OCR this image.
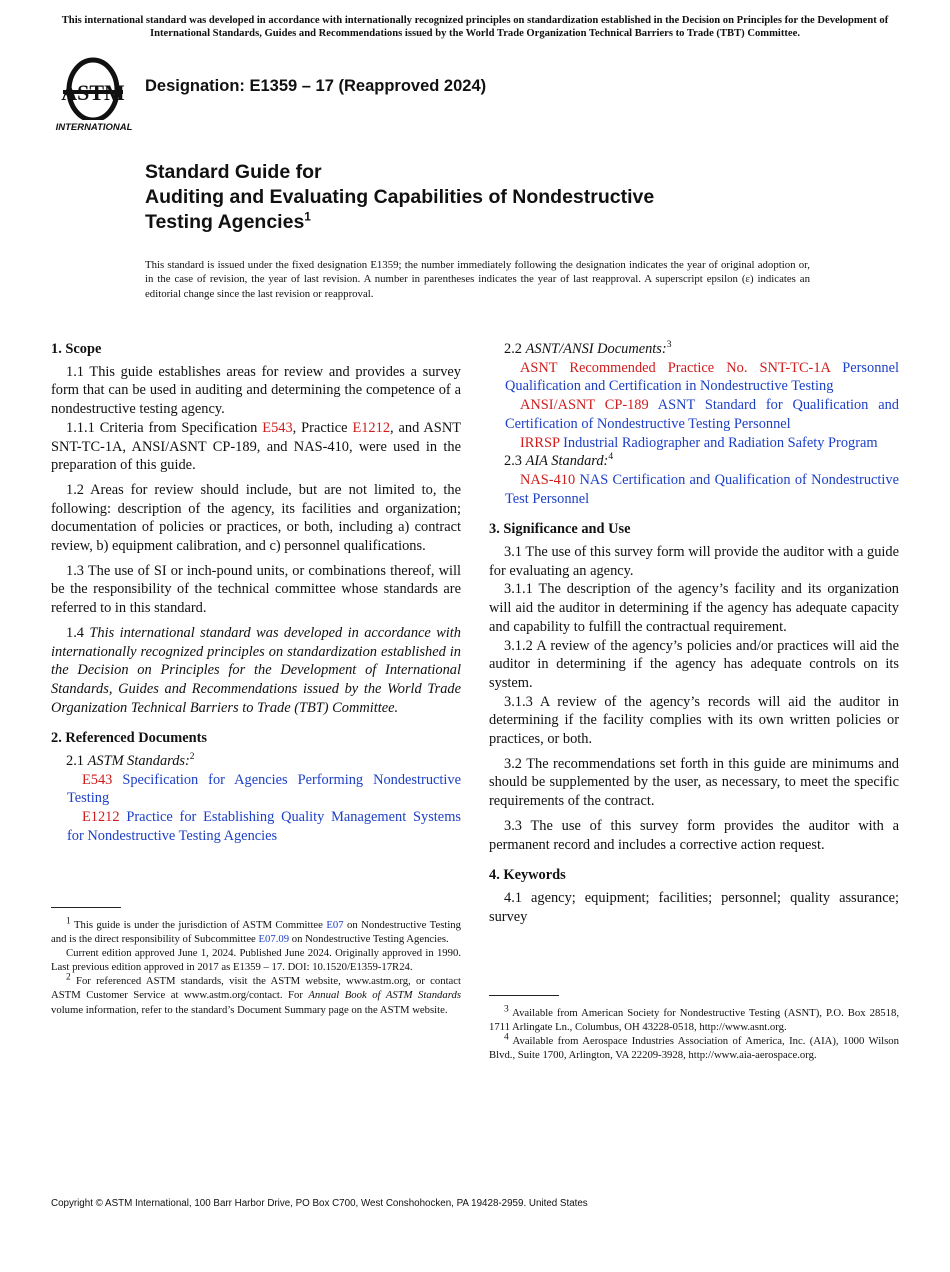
This international standard was developed in accordance with internationally recognized principles on standardization established in the Decision on Principles for the Development of International Standards, Guides and Recommendations issued by the World Trade Organization Technical Barriers to Trade (TBT) Committee.
ASTM
INTERNATIONAL
Designation: E1359 – 17 (Reapproved 2024)
Standard Guide for
Auditing and Evaluating Capabilities of Nondestructive
Testing Agencies$^1$
This standard is issued under the fixed designation E1359; the number immediately following the designation indicates the year of original adoption or, in the case of revision, the year of last revision. A number in parentheses indicates the year of last reapproval. A superscript epsilon (ε) indicates an editorial change since the last revision or reapproval.
1. Scope

1.1 This guide establishes areas for review and provides a survey form that can be used in auditing and determining the competence of a nondestructive testing agency.

1.1.1 Criteria from Specification E543, Practice E1212, and ASNT SNT-TC-1A, ANSI/ASNT CP-189, and NAS-410, were used in the preparation of this guide.

1.2 Areas for review should include, but are not limited to, the following: description of the agency, its facilities and organization; documentation of policies or practices, or both, including a) contract review, b) equipment calibration, and c) personnel qualifications.

1.3 The use of SI or inch-pound units, or combinations thereof, will be the responsibility of the technical committee whose standards are referred to in this standard.

1.4 This international standard was developed in accordance with internationally recognized principles on standardization established in the Decision on Principles for the Development of International Standards, Guides and Recommendations issued by the World Trade Organization Technical Barriers to Trade (TBT) Committee.

2. Referenced Documents

2.1 ASTM Standards:$^2$

E543 Specification for Agencies Performing Nondestructive Testing

E1212 Practice for Establishing Quality Management Systems for Nondestructive Testing Agencies

2.2 ASNT/ANSI Documents:$^3$

ASNT Recommended Practice No. SNT-TC-1A Personnel Qualification and Certification in Nondestructive Testing

ANSI/ASNT CP-189 ASNT Standard for Qualification and Certification of Nondestructive Testing Personnel

IRRSP Industrial Radiographer and Radiation Safety Program

2.3 AIA Standard:$^4$

NAS-410 NAS Certification and Qualification of Nondestructive Test Personnel

3. Significance and Use

3.1 The use of this survey form will provide the auditor with a guide for evaluating an agency.

3.1.1 The description of the agency’s facility and its organization will aid the auditor in determining if the agency has adequate capacity and capability to fulfill the contractual requirement.

3.1.2 A review of the agency’s policies and/or practices will aid the auditor in determining if the agency has adequate controls on its system.

3.1.3 A review of the agency’s records will aid the auditor in determining if the facility complies with its own written policies or practices, or both.

3.2 The recommendations set forth in this guide are minimums and should be supplemented by the user, as necessary, to meet the specific requirements of the contract.

3.3 The use of this survey form provides the auditor with a permanent record and includes a corrective action request.

4. Keywords

4.1 agency; equipment; facilities; personnel; quality assurance; survey

$^1$ This guide is under the jurisdiction of ASTM Committee E07 on Nondestructive Testing and is the direct responsibility of Subcommittee E07.09 on Nondestructive Testing Agencies.

Current edition approved June 1, 2024. Published June 2024. Originally approved in 1990. Last previous edition approved in 2017 as E1359 – 17. DOI: 10.1520/E1359-17R24.

$^2$ For referenced ASTM standards, visit the ASTM website, www.astm.org, or contact ASTM Customer Service at www.astm.org/contact. For Annual Book of ASTM Standards volume information, refer to the standard’s Document Summary page on the ASTM website.	$^3$ Available from American Society for Nondestructive Testing (ASNT), P.O. Box 28518, 1711 Arlingate Ln., Columbus, OH 43228-0518, http://www.asnt.org.

$^4$ Available from Aerospace Industries Association of America, Inc. (AIA), 1000 Wilson Blvd., Suite 1700, Arlington, VA 22209-3928, http://www.aia-aerospace.org.

Copyright © ASTM International, 100 Barr Harbor Drive, PO Box C700, West Conshohocken, PA 19428-2959. United States
